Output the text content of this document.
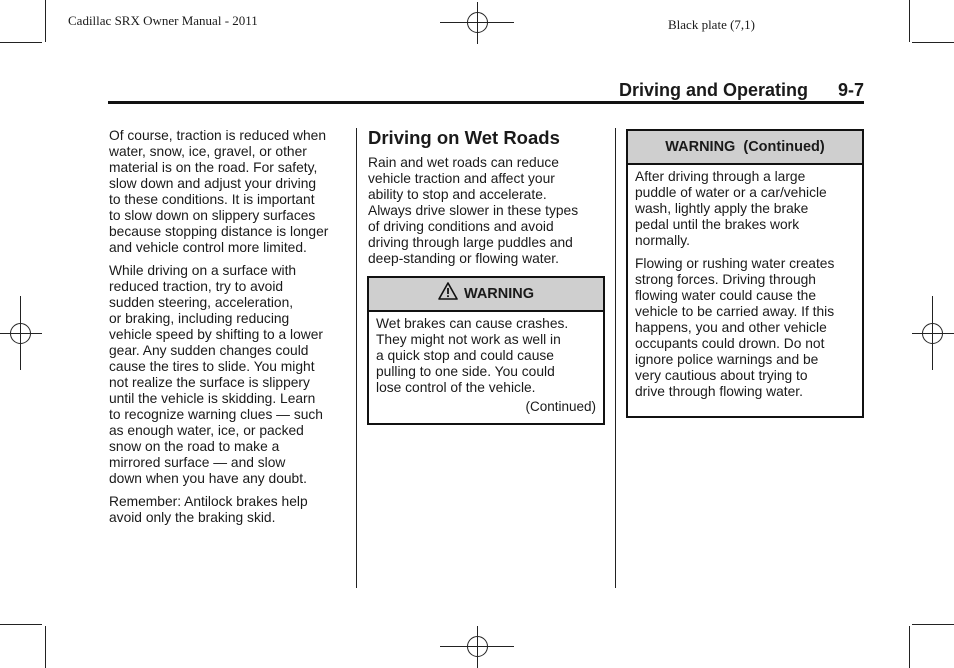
Cadillac SRX Owner Manual - 2011	Black plate (7,1)
Driving and Operating 9-7

Of course, traction is reduced when
water, snow, ice, gravel, or other
material is on the road. For safety,
slow down and adjust your driving
to these conditions. It is important
to slow down on slippery surfaces
because stopping distance is longer
and vehicle control more limited.

While driving on a surface with
reduced traction, try to avoid
sudden steering, acceleration,
or braking, including reducing
vehicle speed by shifting to a lower
gear. Any sudden changes could
cause the tires to slide. You might
not realize the surface is slippery
until the vehicle is skidding. Learn
to recognize warning clues — such
as enough water, ice, or packed
snow on the road to make a
mirrored surface — and slow
down when you have any doubt.

Remember: Antilock brakes help
avoid only the braking skid.

Driving on Wet Roads

Rain and wet roads can reduce
vehicle traction and affect your
ability to stop and accelerate.
Always drive slower in these types
of driving conditions and avoid
driving through large puddles and
deep-standing or flowing water.

WARNING

Wet brakes can cause crashes.
They might not work as well in
a quick stop and could cause
pulling to one side. You could
lose control of the vehicle.

(Continued)
WARNING  (Continued)

After driving through a large
puddle of water or a car/vehicle
wash, lightly apply the brake
pedal until the brakes work
normally.

Flowing or rushing water creates
strong forces. Driving through
flowing water could cause the
vehicle to be carried away. If this
happens, you and other vehicle
occupants could drown. Do not
ignore police warnings and be
very cautious about trying to
drive through flowing water.
